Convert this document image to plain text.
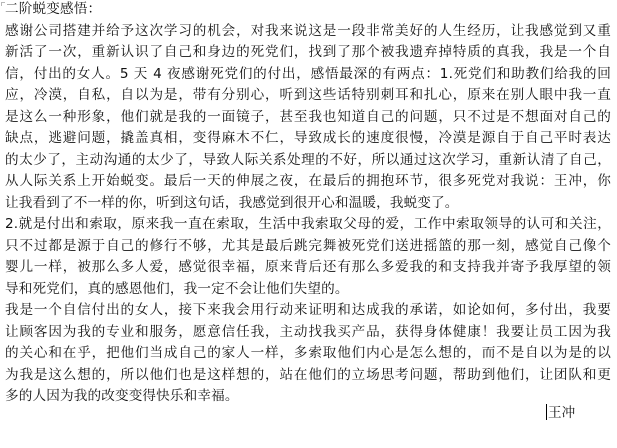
二阶蜕变感悟：
感谢公司搭建并给予这次学习的机会，对我来说这是一段非常美好的人生经历，让我感觉到又重
新活了一次，重新认识了自己和身边的死党们，找到了那个被我遗弃掉特质的真我，我是一个自
信，付出的女人。5 天 4 夜感谢死党们的付出，感悟最深的有两点：1.死党们和助教们给我的回
应，冷漠，自私，自以为是，带有分别心，听到这些话特别刺耳和扎心，原来在别人眼中我一直
是这么一种形象，他们就是我的一面镜子，甚至我也知道自己的问题，只不过是不想面对自己的
缺点，逃避问题，撬盖真相，变得麻木不仁，导致成长的速度很慢，冷漠是源自于自己平时表达
的太少了，主动沟通的太少了，导致人际关系处理的不好，所以通过这次学习，重新认清了自己，
从人际关系上开始蜕变。最后一天的伸展之夜，在最后的拥抱环节，很多死党对我说：王冲，你
让我看到了不一样的你，听到这句话，我感觉到很开心和温暖，我蜕变了。
2.就是付出和索取，原来我一直在索取，生活中我索取父母的爱，工作中索取领导的认可和关注，
只不过都是源于自己的修行不够，尤其是最后跳完舞被死党们送进摇篮的那一刻，感觉自己像个
婴儿一样，被那么多人爱，感觉很幸福，原来背后还有那么多爱我的和支持我并寄予我厚望的领
导和死党们，真的感恩他们，我一定不会让他们失望的。
我是一个自信付出的女人，接下来我会用行动来证明和达成我的承诺，如论如何，多付出，我要
让顾客因为我的专业和服务，愿意信任我，主动找我买产品，获得身体健康！我要让员工因为我
的关心和在乎，把他们当成自己的家人一样，多索取他们内心是怎么想的，而不是自以为是的以
为我是这么想的，所以他们也是这样想的，站在他们的立场思考问题，帮助到他们，让团队和更
多的人因为我的改变变得快乐和幸福。
王冲
